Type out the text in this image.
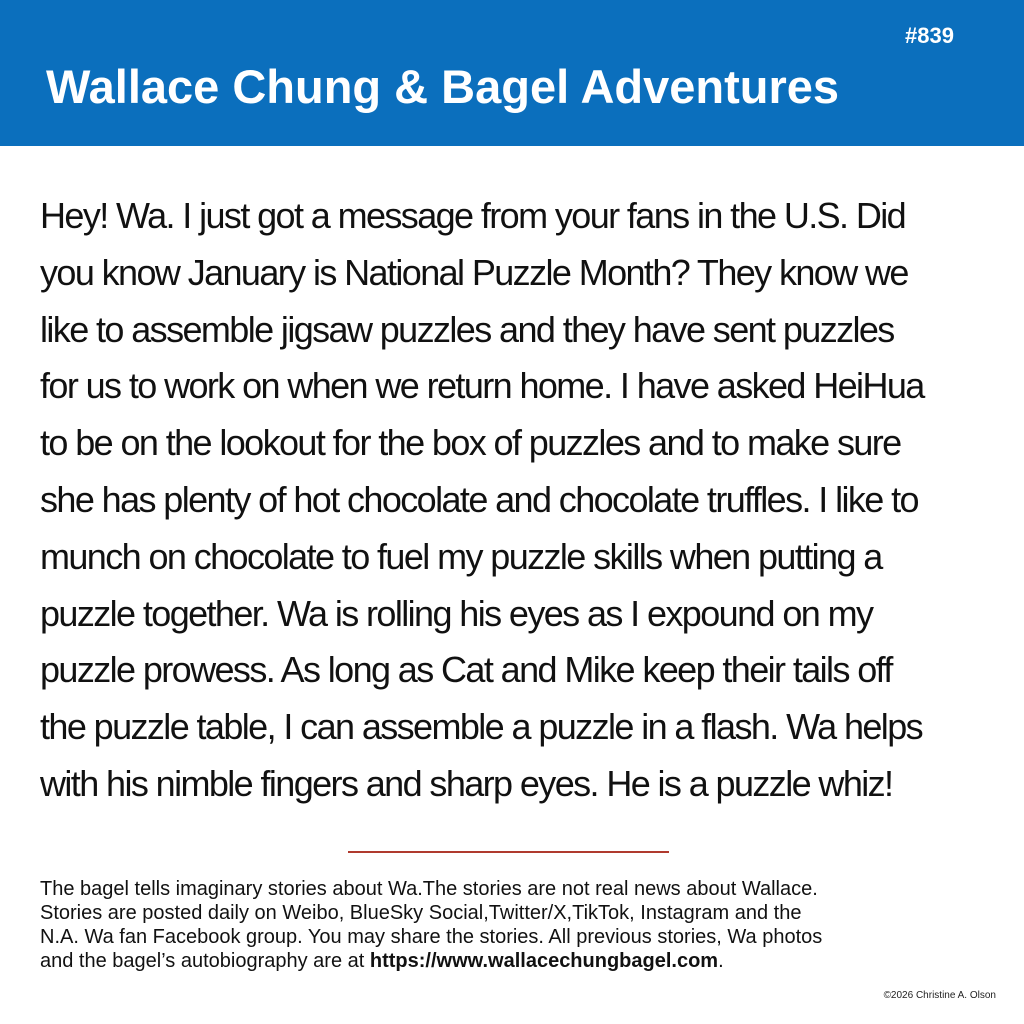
#839
Wallace Chung & Bagel Adventures
Hey! Wa. I just got a message from your fans in the U.S. Did
you know January is National Puzzle Month? They know we
like to assemble jigsaw puzzles and they have sent puzzles
for us to work on when we return home. I have asked HeiHua
to be on the lookout for the box of puzzles and to make sure
she has plenty of hot chocolate and chocolate truffles. I like to
munch on chocolate to fuel my puzzle skills when putting a
puzzle together. Wa is rolling his eyes as I expound on my
puzzle prowess. As long as Cat and Mike keep their tails off
the puzzle table, I can assemble a puzzle in a flash. Wa helps
with his nimble fingers and sharp eyes. He is a puzzle whiz!
The bagel tells imaginary stories about Wa.The stories are not real news about Wallace.
Stories are posted daily on Weibo, BlueSky Social,Twitter/X,TikTok, Instagram and the
N.A. Wa fan Facebook group. You may share the stories. All previous stories, Wa photos
and the bagel’s autobiography are at https://www.wallacechungbagel.com.
©2026 Christine A. Olson
